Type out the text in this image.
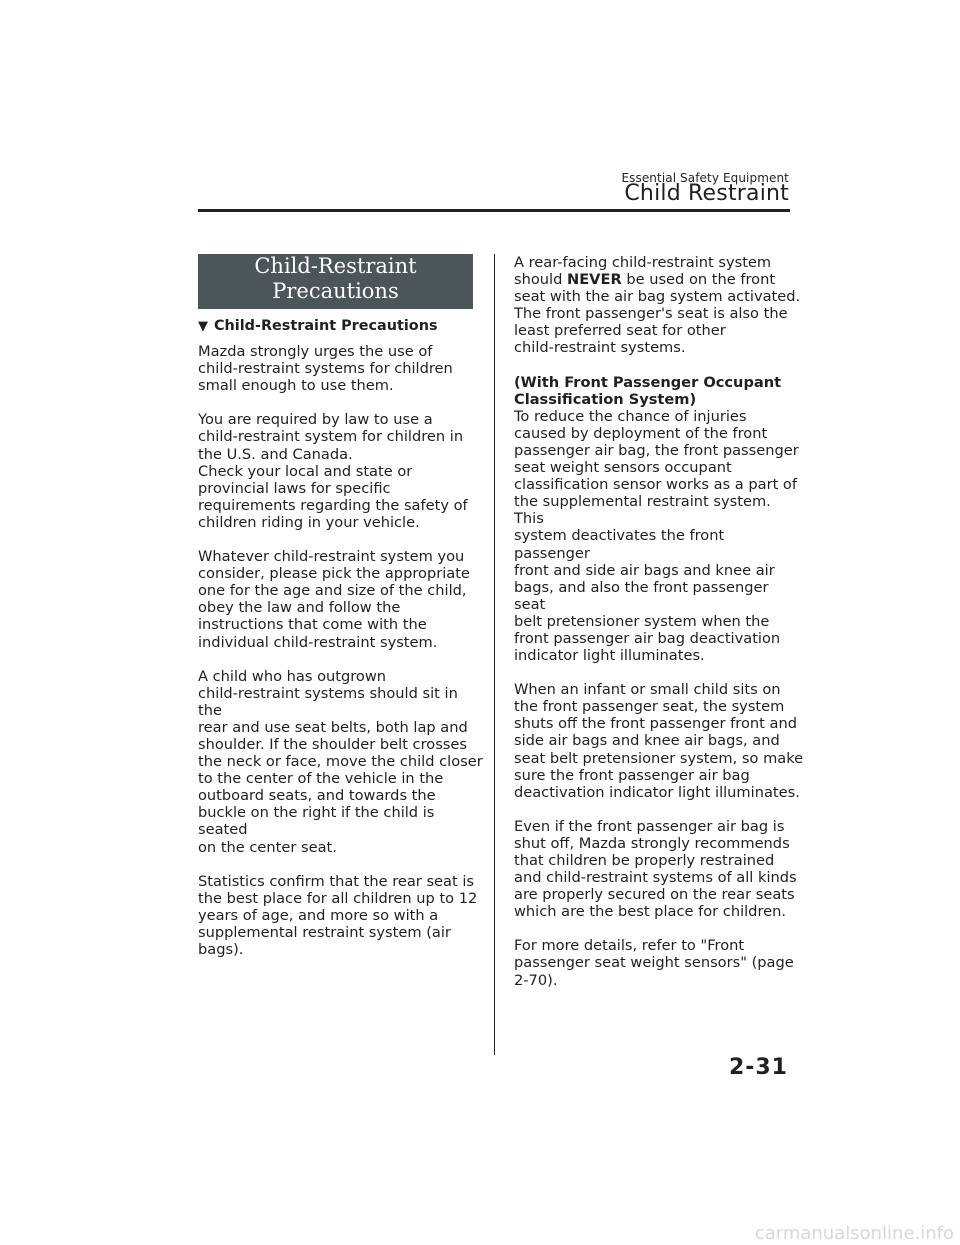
Essential Safety Equipment
Child Restraint
Child-Restraint
Precautions
▼ Child-Restraint Precautions

Mazda strongly urges the use of
child-restraint systems for children
small enough to use them.

You are required by law to use a
child-restraint system for children in
the U.S. and Canada.
Check your local and state or
provincial laws for specific
requirements regarding the safety of
children riding in your vehicle.

Whatever child-restraint system you
consider, please pick the appropriate
one for the age and size of the child,
obey the law and follow the
instructions that come with the
individual child-restraint system.

A child who has outgrown
child-restraint systems should sit in the
rear and use seat belts, both lap and
shoulder. If the shoulder belt crosses
the neck or face, move the child closer
to the center of the vehicle in the
outboard seats, and towards the
buckle on the right if the child is seated
on the center seat.

Statistics confirm that the rear seat is
the best place for all children up to 12
years of age, and more so with a
supplemental restraint system (air
bags).

A rear-facing child-restraint system
should NEVER be used on the front
seat with the air bag system activated.
The front passenger's seat is also the
least preferred seat for other
child-restraint systems.

(With Front Passenger Occupant
Classification System)

To reduce the chance of injuries
caused by deployment of the front
passenger air bag, the front passenger
seat weight sensors occupant
classification sensor works as a part of
the supplemental restraint system. This
system deactivates the front passenger
front and side air bags and knee air
bags, and also the front passenger seat
belt pretensioner system when the
front passenger air bag deactivation
indicator light illuminates.

When an infant or small child sits on
the front passenger seat, the system
shuts off the front passenger front and
side air bags and knee air bags, and
seat belt pretensioner system, so make
sure the front passenger air bag
deactivation indicator light illuminates.

Even if the front passenger air bag is
shut off, Mazda strongly recommends
that children be properly restrained
and child-restraint systems of all kinds
are properly secured on the rear seats
which are the best place for children.

For more details, refer to "Front
passenger seat weight sensors" (page
2-70).

2-31
carmanualsonline.info
